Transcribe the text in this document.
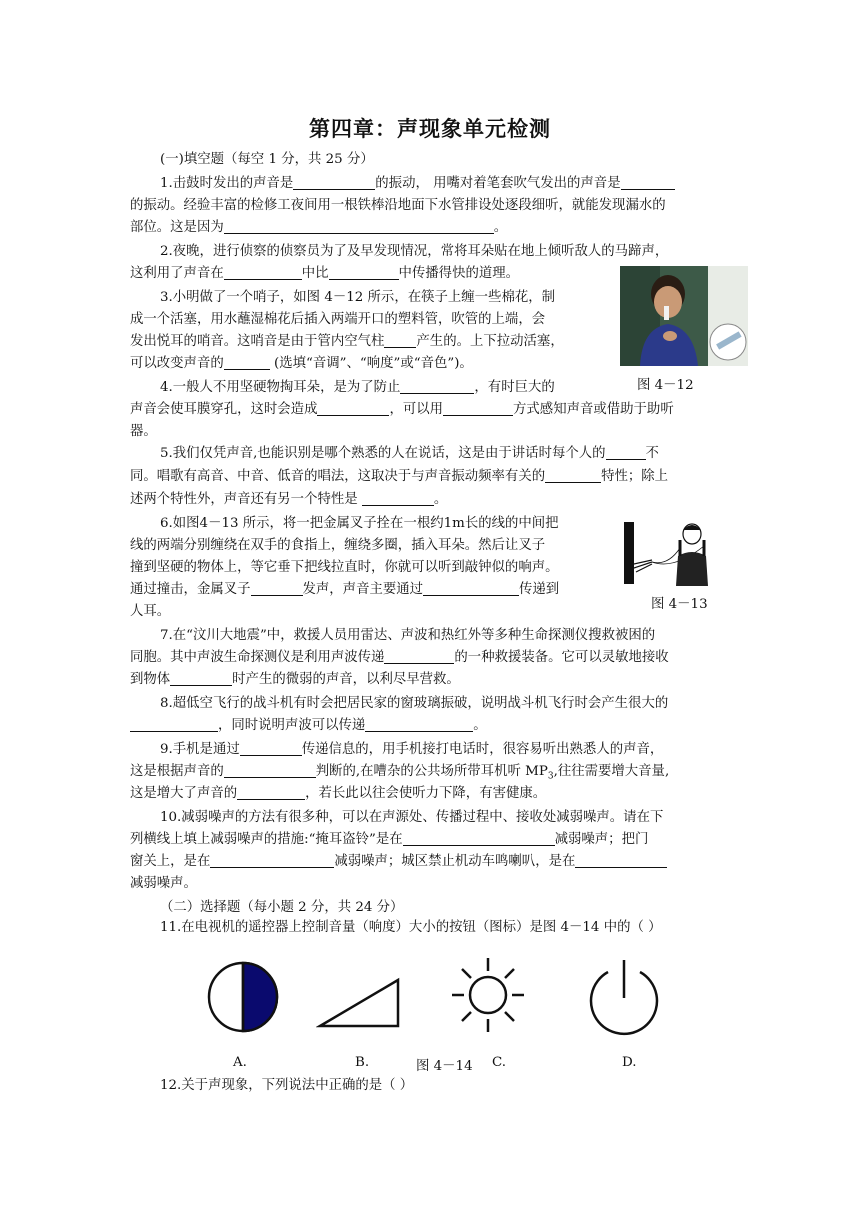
第四章：声现象单元检测
(一)填空题（每空 1 分，共 25 分）
1.击鼓时发出的声音是	的振动， 用嘴对着笔套吹气发出的声音是
的振动。经验丰富的检修工夜间用一根铁棒沿地面下水管排设处逐段细听，就能发现漏水的
部位。这是因为	。
2.夜晚，进行侦察的侦察员为了及早发现情况，常将耳朵贴在地上倾听敌人的马蹄声，
这利用了声音在	中比	中传播得快的道理。
3.小明做了一个哨子，如图 4－12 所示，在筷子上缠一些棉花，制
成一个活塞，用水蘸湿棉花后插入两端开口的塑料管，吹管的上端，会
发出悦耳的哨音。这哨音是由于管内空气柱 产生的。上下拉动活塞，
可以改变声音的	(选填“音调”、“响度”或“音色”)。
图 4－12
4.一般人不用坚硬物掏耳朵，是为了防止	，有时巨大的
声音会使耳膜穿孔，这时会造成	，可以用	方式感知声音或借助于助听
器。
5.我们仅凭声音,也能识别是哪个熟悉的人在说话，这是由于讲话时每个人的	不
同。唱歌有高音、中音、低音的唱法，这取决于与声音振动频率有关的	特性；除上
述两个特性外，声音还有另一个特性是	。
6.如图4－13 所示，将一把金属叉子拴在一根约1m长的线的中间把
线的两端分别缠绕在双手的食指上，缠绕多圈，插入耳朵。然后让叉子
撞到坚硬的物体上，等它垂下把线拉直时，你就可以听到敲钟似的响声。
通过撞击，金属叉子	发声，声音主要通过	传递到
人耳。	图 4－13
7.在“汶川大地震”中，救援人员用雷达、声波和热红外等多种生命探测仪搜救被困的
同胞。其中声波生命探测仪是利用声波传递	的一种救援装备。它可以灵敏地接收
到物体	时产生的微弱的声音，以利尽早营救。
8.超低空飞行的战斗机有时会把居民家的窗玻璃振破，说明战斗机飞行时会产生很大的
，同时说明声波可以传递	。
9.手机是通过	传递信息的，用手机接打电话时，很容易听出熟悉人的声音，
这是根据声音的	判断的,在嘈杂的公共场所带耳机听 $MP_3$,往往需要增大音量,
这是增大了声音的	，若长此以往会使听力下降，有害健康。
10.减弱噪声的方法有很多种，可以在声源处、传播过程中、接收处减弱噪声。请在下
列横线上填上减弱噪声的措施:“掩耳盗铃”是在	减弱噪声；把门
窗关上，是在	减弱噪声；城区禁止机动车鸣喇叭，是在
减弱噪声。
（二）选择题（每小题 2 分，共 24 分）
11.在电视机的遥控器上控制音量（响度）大小的按钮（图标）是图 4－14 中的（ ）
A.	B.	图 4－14 C.	D.
12.关于声现象，下列说法中正确的是（ ）
